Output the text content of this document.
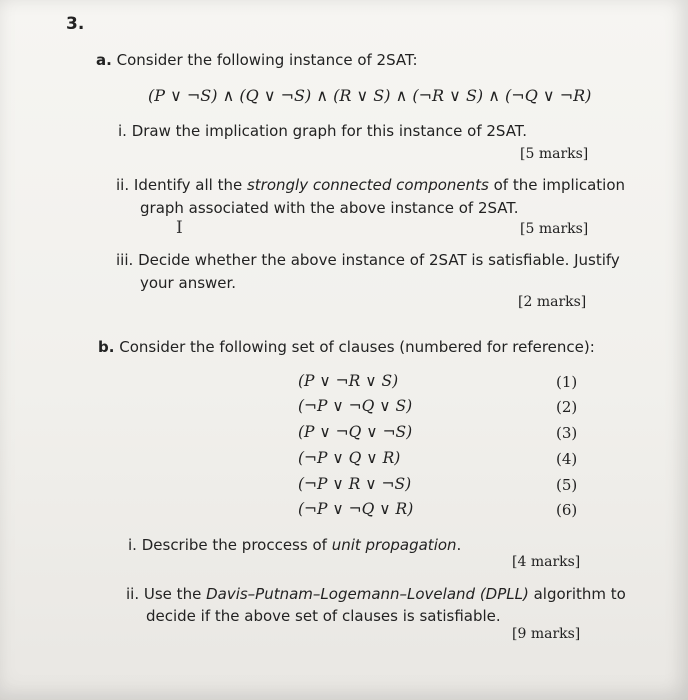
3.
a. Consider the following instance of 2SAT:
(P ∨ ¬S) ∧ (Q ∨ ¬S) ∧ (R ∨ S) ∧ (¬R ∨ S) ∧ (¬Q ∨ ¬R)
i. Draw the implication graph for this instance of 2SAT.
[5 marks]
ii. Identify all the strongly connected components of the implication
graph associated with the above instance of 2SAT.
I	[5 marks]
iii. Decide whether the above instance of 2SAT is satisfiable. Justify
your answer.
[2 marks]
b. Consider the following set of clauses (numbered for reference):
(P ∨ ¬R ∨ S)	(1)
(¬P ∨ ¬Q ∨ S)	(2)
(P ∨ ¬Q ∨ ¬S)	(3)
(¬P ∨ Q ∨ R)	(4)
(¬P ∨ R ∨ ¬S)	(5)
(¬P ∨ ¬Q ∨ R)	(6)
i. Describe the proccess of unit propagation.
[4 marks]
ii. Use the Davis–Putnam–Logemann–Loveland (DPLL) algorithm to
decide if the above set of clauses is satisfiable.
[9 marks]
